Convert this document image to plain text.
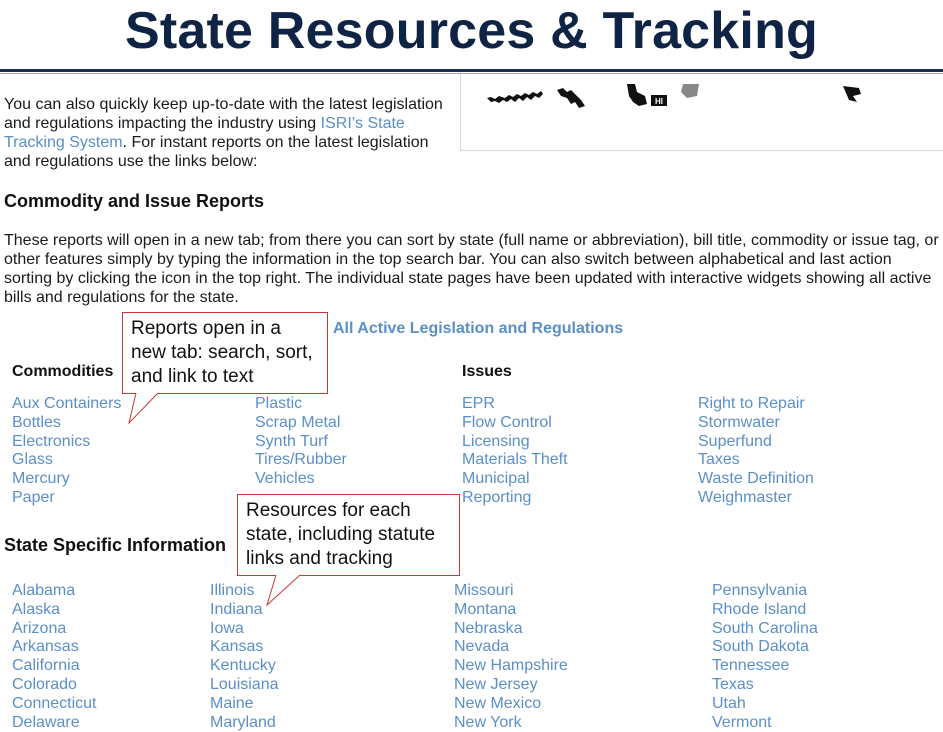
State Resources & Tracking
You can also quickly keep up-to-date with the latest legislation and regulations impacting the industry using ISRI’s State Tracking System. For instant reports on the latest legislation and regulations use the links below:
HI
Commodity and Issue Reports
These reports will open in a new tab; from there you can sort by state (full name or abbreviation), bill title, commodity or issue tag, or other features simply by typing the information in the top search bar. You can also switch between alphabetical and last action sorting by clicking the icon in the top right. The individual state pages have been updated with interactive widgets showing all active bills and regulations for the state.
All Active Legislation and Regulations
Commodities	Issues
Aux Containers
Bottles
Electronics
Glass
Mercury
Paper
Plastic
Scrap Metal
Synth Turf
Tires/Rubber
Vehicles
EPR
Flow Control
Licensing
Materials Theft
Municipal
Reporting
Right to Repair
Stormwater
Superfund
Taxes
Waste Definition
Weighmaster
State Specific Information
Alabama
Alaska
Arizona
Arkansas
California
Colorado
Connecticut
Delaware
Illinois
Indiana
Iowa
Kansas
Kentucky
Louisiana
Maine
Maryland
Missouri
Montana
Nebraska
Nevada
New Hampshire
New Jersey
New Mexico
New York
Pennsylvania
Rhode Island
South Carolina
South Dakota
Tennessee
Texas
Utah
Vermont
Reports open in a new tab: search, sort, and link to text
Resources for each state, including statute links and tracking
